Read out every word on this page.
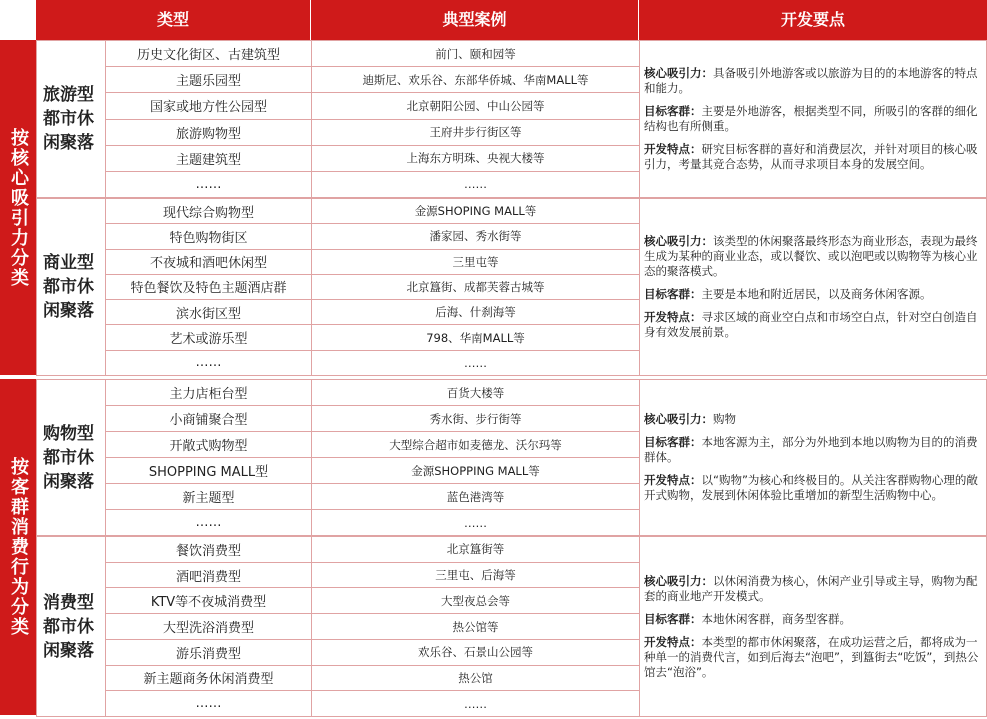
类型	典型案例	开发要点
按核心吸引力分类
按客群消费行为分类
旅游型都市休闲聚落
历史文化街区、古建筑型	前门、颐和园等
主题乐园型	迪斯尼、欢乐谷、东部华侨城、华南MALL等
国家或地方性公园型	北京朝阳公园、中山公园等
旅游购物型	王府井步行街区等
主题建筑型	上海东方明珠、央视大楼等
……	……

核心吸引力：具备吸引外地游客或以旅游为目的的本地游客的特点和能力。

目标客群：主要是外地游客，根据类型不同，所吸引的客群的细化结构也有所侧重。

开发特点：研究目标客群的喜好和消费层次，并针对项目的核心吸引力，考量其竞合态势，从而寻求项目本身的发展空间。

商业型都市休闲聚落
现代综合购物型	金源SHOPING MALL等
特色购物街区	潘家园、秀水街等
不夜城和酒吧休闲型	三里屯等
特色餐饮及特色主题酒店群	北京簋街、成都芙蓉古城等
滨水街区型	后海、什刹海等
艺术或游乐型	798、华南MALL等
……	……

核心吸引力：该类型的休闲聚落最终形态为商业形态，表现为最终生成为某种的商业业态，或以餐饮、或以泡吧或以购物等为核心业态的聚落模式。

目标客群：主要是本地和附近居民，以及商务休闲客源。

开发特点：寻求区域的商业空白点和市场空白点，针对空白创造自身有效发展前景。

购物型都市休闲聚落
主力店柜台型	百货大楼等
小商铺聚合型	秀水街、步行街等
开敞式购物型	大型综合超市如麦德龙、沃尔玛等
SHOPPING MALL型	金源SHOPPING MALL等
新主题型	蓝色港湾等
……	……

核心吸引力：购物

目标客群：本地客源为主，部分为外地到本地以购物为目的的消费群体。

开发特点：以“购物”为核心和终极目的。从关注客群购物心理的敞开式购物，发展到休闲体验比重增加的新型生活购物中心。

消费型都市休闲聚落
餐饮消费型	北京簋街等
酒吧消费型	三里屯、后海等
KTV等不夜城消费型	大型夜总会等
大型洗浴消费型	热公馆等
游乐消费型	欢乐谷、石景山公园等
新主题商务休闲消费型	热公馆
……	……

核心吸引力：以休闲消费为核心，休闲产业引导或主导，购物为配套的商业地产开发模式。

目标客群：本地休闲客群，商务型客群。

开发特点：本类型的都市休闲聚落，在成功运营之后，都将成为一种单一的消费代言，如到后海去“泡吧”，到簋街去“吃饭”，到热公馆去“泡浴”。
